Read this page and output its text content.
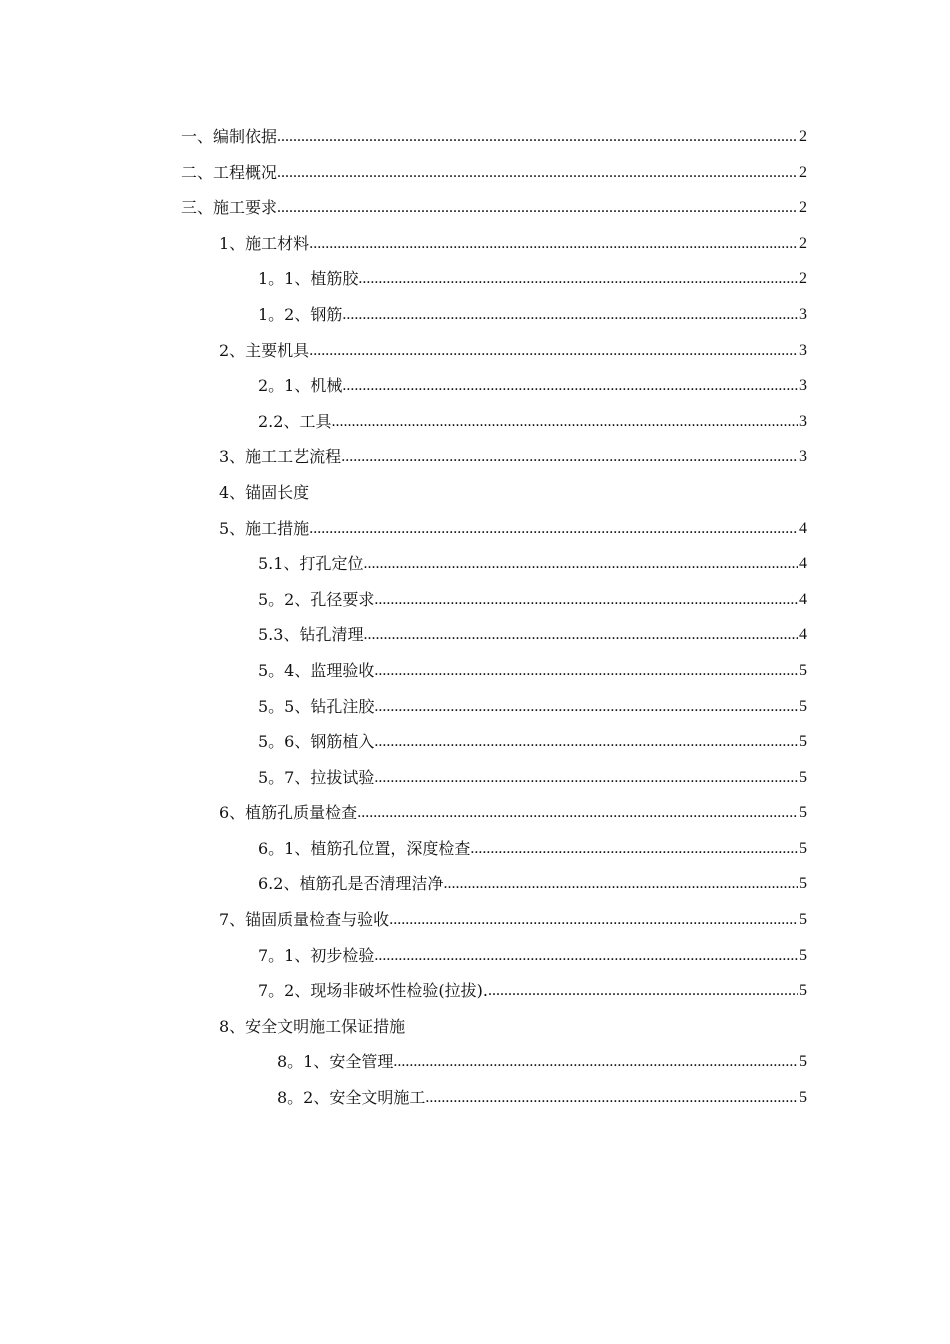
一、编制依据 .....	2
二、工程概况 .....	2
三、施工要求 .....	2
1、施工材料 .....	2
1。1、植筋胶 .....	2
1。2、钢筋 .....	3
2、主要机具 .....	3
2。1、机械 .....	3
2.2、工具 .....	3
3、施工工艺流程 .....	3
4、锚固长度
5、施工措施 .....	4
5.1、打孔定位 .....	4
5。2、孔径要求 .....	4
5.3、钻孔清理 .....	4
5。4、监理验收 .....	5
5。5、钻孔注胶 .....	5
5。6、钢筋植入 .....	5
5。7、拉拔试验 .....	5
6、植筋孔质量检查 .....	5
6。1、植筋孔位置，深度检查 .....	5
6.2、植筋孔是否清理洁净 .....	5
7、锚固质量检查与验收 .....	5
7。1、初步检验 .....	5
7。2、现场非破坏性检验(拉拔). .....	5
8、安全文明施工保证措施
8。1、安全管理 .....	5
8。2、安全文明施工 .....	5
